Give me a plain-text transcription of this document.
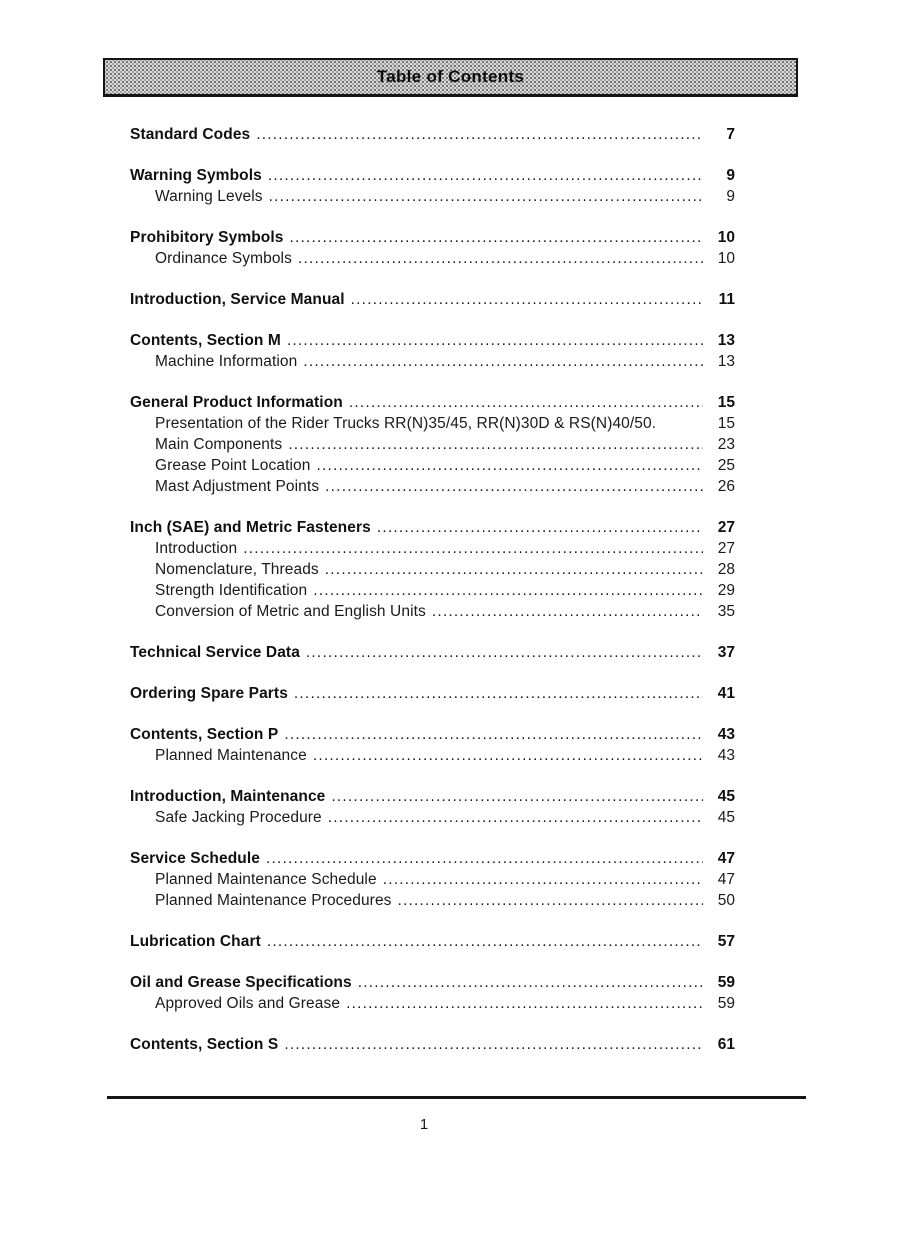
Table of Contents
Standard Codes .....	7
Warning Symbols .....	9
Warning Levels .....	9
Prohibitory Symbols .....	10
Ordinance Symbols .....	10
Introduction, Service Manual .....	11
Contents, Section M .....	13
Machine Information .....	13
General Product Information .....	15
Presentation of the Rider Trucks RR(N)35/45, RR(N)30D & RS(N)40/50.	15
Main Components .....	23
Grease Point Location .....	25
Mast Adjustment Points .....	26
Inch (SAE) and Metric Fasteners .....	27
Introduction .....	27
Nomenclature, Threads .....	28
Strength Identification .....	29
Conversion of Metric and English Units .....	35
Technical Service Data .....	37
Ordering Spare Parts .....	41
Contents, Section P .....	43
Planned Maintenance .....	43
Introduction, Maintenance .....	45
Safe Jacking Procedure .....	45
Service Schedule .....	47
Planned Maintenance Schedule .....	47
Planned Maintenance Procedures .....	50
Lubrication Chart .....	57
Oil and Grease Specifications .....	59
Approved Oils and Grease .....	59
Contents, Section S .....	61
1
